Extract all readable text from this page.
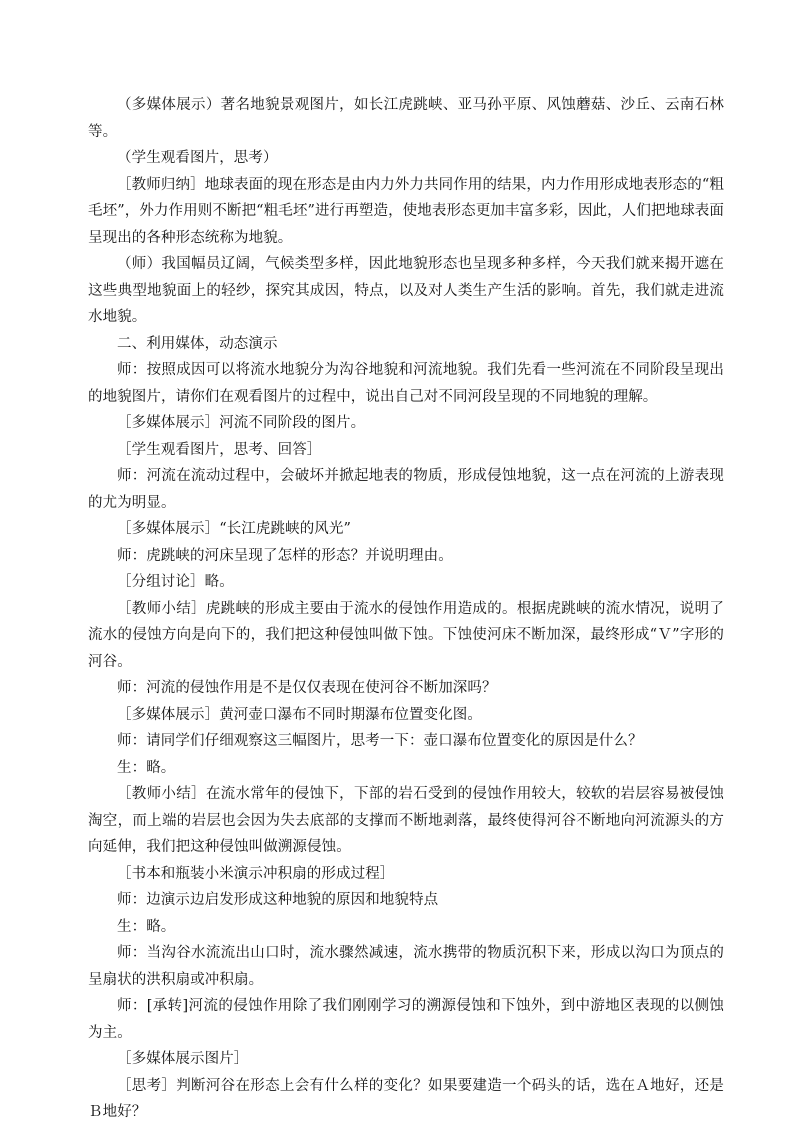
（多媒体展示）著名地貌景观图片，如长江虎跳峡、亚马孙平原、风蚀蘑菇、沙丘、云南石林等。

（学生观看图片，思考）

［教师归纳］地球表面的现在形态是由内力外力共同作用的结果，内力作用形成地表形态的“粗毛坯”，外力作用则不断把“粗毛坯”进行再塑造，使地表形态更加丰富多彩，因此，人们把地球表面呈现出的各种形态统称为地貌。

（师）我国幅员辽阔，气候类型多样，因此地貌形态也呈现多种多样，今天我们就来揭开遮在这些典型地貌面上的轻纱，探究其成因，特点，以及对人类生产生活的影响。首先，我们就走进流水地貌。

二、利用媒体，动态演示

师：按照成因可以将流水地貌分为沟谷地貌和河流地貌。我们先看一些河流在不同阶段呈现出的地貌图片，请你们在观看图片的过程中，说出自己对不同河段呈现的不同地貌的理解。

［多媒体展示］河流不同阶段的图片。

［学生观看图片，思考、回答］

师：河流在流动过程中，会破坏并掀起地表的物质，形成侵蚀地貌，这一点在河流的上游表现的尤为明显。

［多媒体展示］“长江虎跳峡的风光”

师：虎跳峡的河床呈现了怎样的形态？并说明理由。

［分组讨论］略。

［教师小结］虎跳峡的形成主要由于流水的侵蚀作用造成的。根据虎跳峡的流水情况，说明了流水的侵蚀方向是向下的，我们把这种侵蚀叫做下蚀。下蚀使河床不断加深，最终形成“Ｖ”字形的河谷。

师：河流的侵蚀作用是不是仅仅表现在使河谷不断加深吗？

［多媒体展示］黄河壶口瀑布不同时期瀑布位置变化图。

师：请同学们仔细观察这三幅图片，思考一下：壶口瀑布位置变化的原因是什么？

生：略。

［教师小结］在流水常年的侵蚀下，下部的岩石受到的侵蚀作用较大，较软的岩层容易被侵蚀淘空，而上端的岩层也会因为失去底部的支撑而不断地剥落，最终使得河谷不断地向河流源头的方向延伸，我们把这种侵蚀叫做溯源侵蚀。

［书本和瓶装小米演示冲积扇的形成过程］

师：边演示边启发形成这种地貌的原因和地貌特点

生：略。

师：当沟谷水流流出山口时，流水骤然减速，流水携带的物质沉积下来，形成以沟口为顶点的呈扇状的洪积扇或冲积扇。

师：[承转]河流的侵蚀作用除了我们刚刚学习的溯源侵蚀和下蚀外，到中游地区表现的以侧蚀为主。

［多媒体展示图片］

［思考］判断河谷在形态上会有什么样的变化？如果要建造一个码头的话，选在Ａ地好，还是Ｂ地好？
